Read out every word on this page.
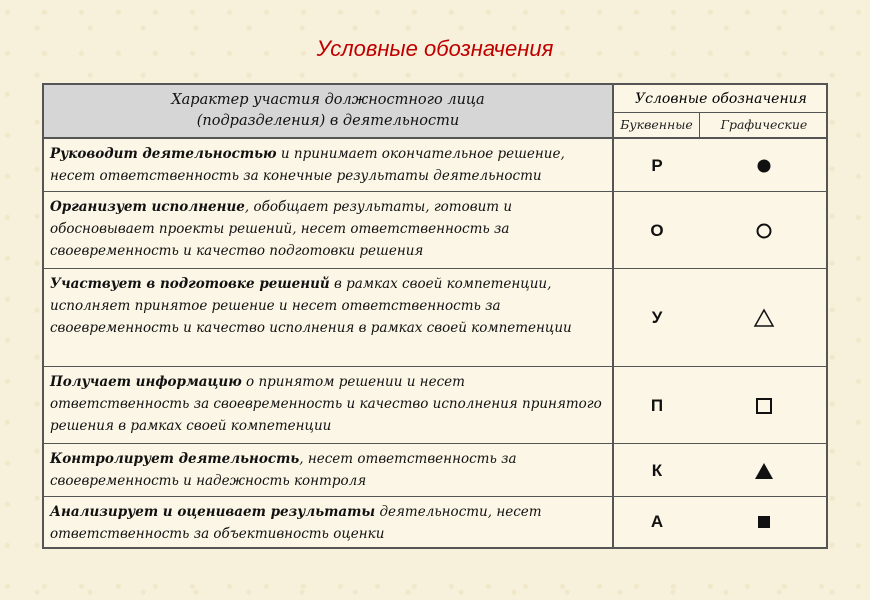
Условные обозначения
Характер участия должностного лица
(подразделения) в деятельности
Условные обозначения
Буквенные	Графические
Руководит деятельностью и принимает окончательное решение, несет ответственность за конечные результаты деятельности
Р
Организует исполнение, обобщает результаты, готовит и обосновывает проекты решений, несет ответственность за своевременность и качество подготовки решения
О
Участвует в подготовке решений в рамках своей компетенции, исполняет принятое решение и несет ответственность за своевременность и качество исполнения в рамках своей компетенции
У
Получает информацию о принятом решении и несет ответственность за своевременность и качество исполнения принятого решения в рамках своей компетенции
П
Контролирует деятельность, несет ответственность за своевременность и надежность контроля
К
Анализирует и оценивает результаты деятельности, несет ответственность за объективность оценки
А
